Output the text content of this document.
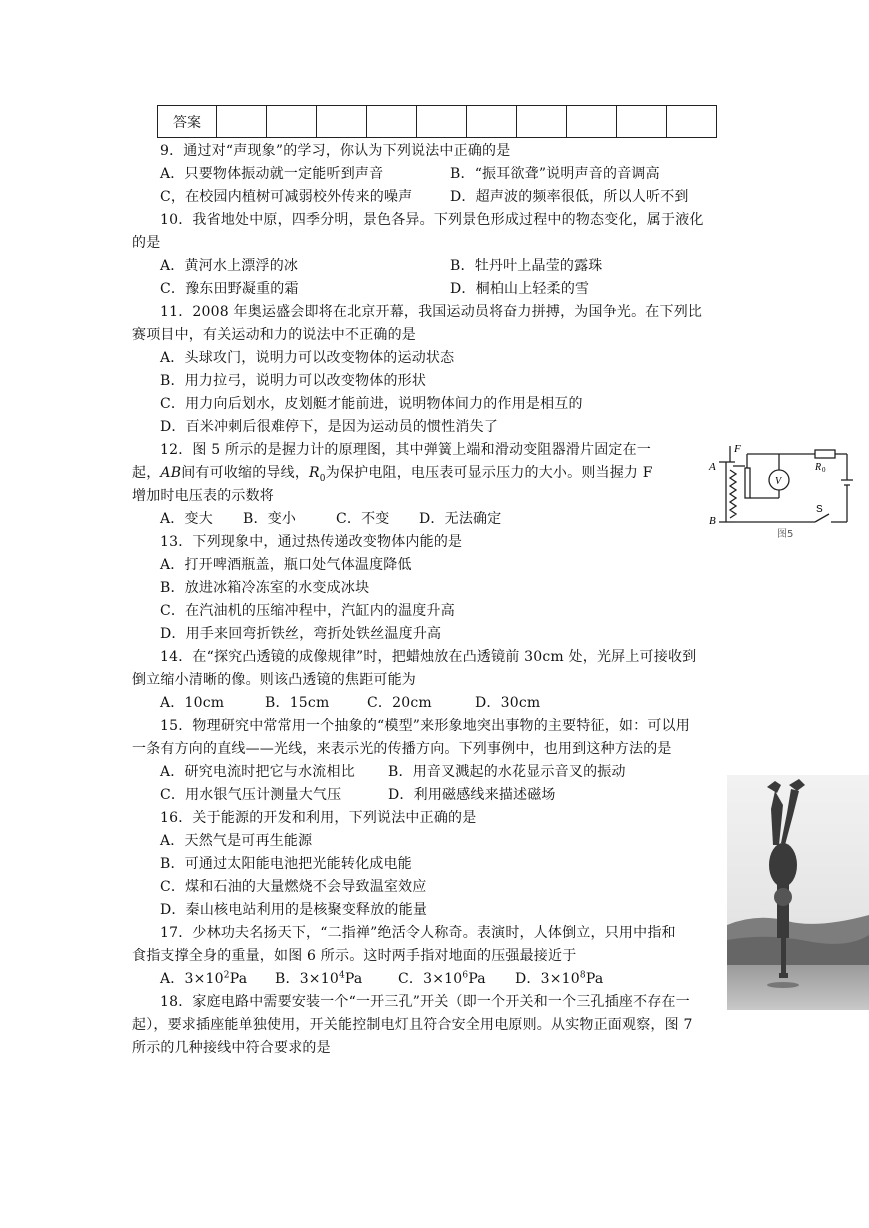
答案										
9．通过对“声现象”的学习，你认为下列说法中正确的是
A．只要物体振动就一定能听到声音	B．“振耳欲聋”说明声音的音调高
C，在校园内植树可减弱校外传来的噪声	D．超声波的频率很低，所以人听不到
10．我省地处中原，四季分明，景色各异。下列景色形成过程中的物态变化，属于液化
的是
A．黄河水上漂浮的冰	B．牡丹叶上晶莹的露珠
C．豫东田野凝重的霜	D．桐柏山上轻柔的雪
11．2008 年奥运盛会即将在北京开幕，我国运动员将奋力拼搏，为国争光。在下列比
赛项目中，有关运动和力的说法中不正确的是
A．头球攻门，说明力可以改变物体的运动状态
B．用力拉弓，说明力可以改变物体的形状
C．用力向后划水，皮划艇才能前进，说明物体间力的作用是相互的
D．百米冲刺后很难停下，是因为运动员的惯性消失了
12．图 5 所示的是握力计的原理图，其中弹簧上端和滑动变阻器滑片固定在一
起，AB间有可收缩的导线，$R_0$为保护电阻，电压表可显示压力的大小。则当握力 F
增加时电压表的示数将
A．变大 B．变小	C．不变 D．无法确定
A
B
F
V
R 0
S
图5
13．下列现象中，通过热传递改变物体内能的是
A．打开啤酒瓶盖，瓶口处气体温度降低
B．放进冰箱冷冻室的水变成冰块
C．在汽油机的压缩冲程中，汽缸内的温度升高
D．用手来回弯折铁丝，弯折处铁丝温度升高
14．在“探究凸透镜的成像规律”时，把蜡烛放在凸透镜前 30cm 处，光屏上可接收到
倒立缩小清晰的像。则该凸透镜的焦距可能为
A．10cm	B．15cm	C．20cm	D．30cm
15．物理研究中常常用一个抽象的“模型”来形象地突出事物的主要特征，如：可以用
一条有方向的直线——光线，来表示光的传播方向。下列事例中，也用到这种方法的是
A．研究电流时把它与水流相比 B．用音叉溅起的水花显示音叉的振动
C．用水银气压计测量大气压	D．利用磁感线来描述磁场
16．关于能源的开发和利用，下列说法中正确的是
A．天然气是可再生能源
B．可通过太阳能电池把光能转化成电能
C．煤和石油的大量燃烧不会导致温室效应
D．秦山核电站利用的是核聚变释放的能量
17．少林功夫名扬天下，“二指禅”绝活令人称奇。表演时，人体倒立，只用中指和
食指支撑全身的重量，如图 6 所示。这时两手指对地面的压强最接近于
A．$3\times 10^2Pa$ B．$3\times 10^4Pa$	C．$3\times 10^6Pa$ D．$3\times 10^8Pa$
18．家庭电路中需要安装一个“一开三孔”开关（即一个开关和一个三孔插座不存在一
起），要求插座能单独使用，开关能控制电灯且符合安全用电原则。从实物正面观察，图 7
所示的几种接线中符合要求的是
